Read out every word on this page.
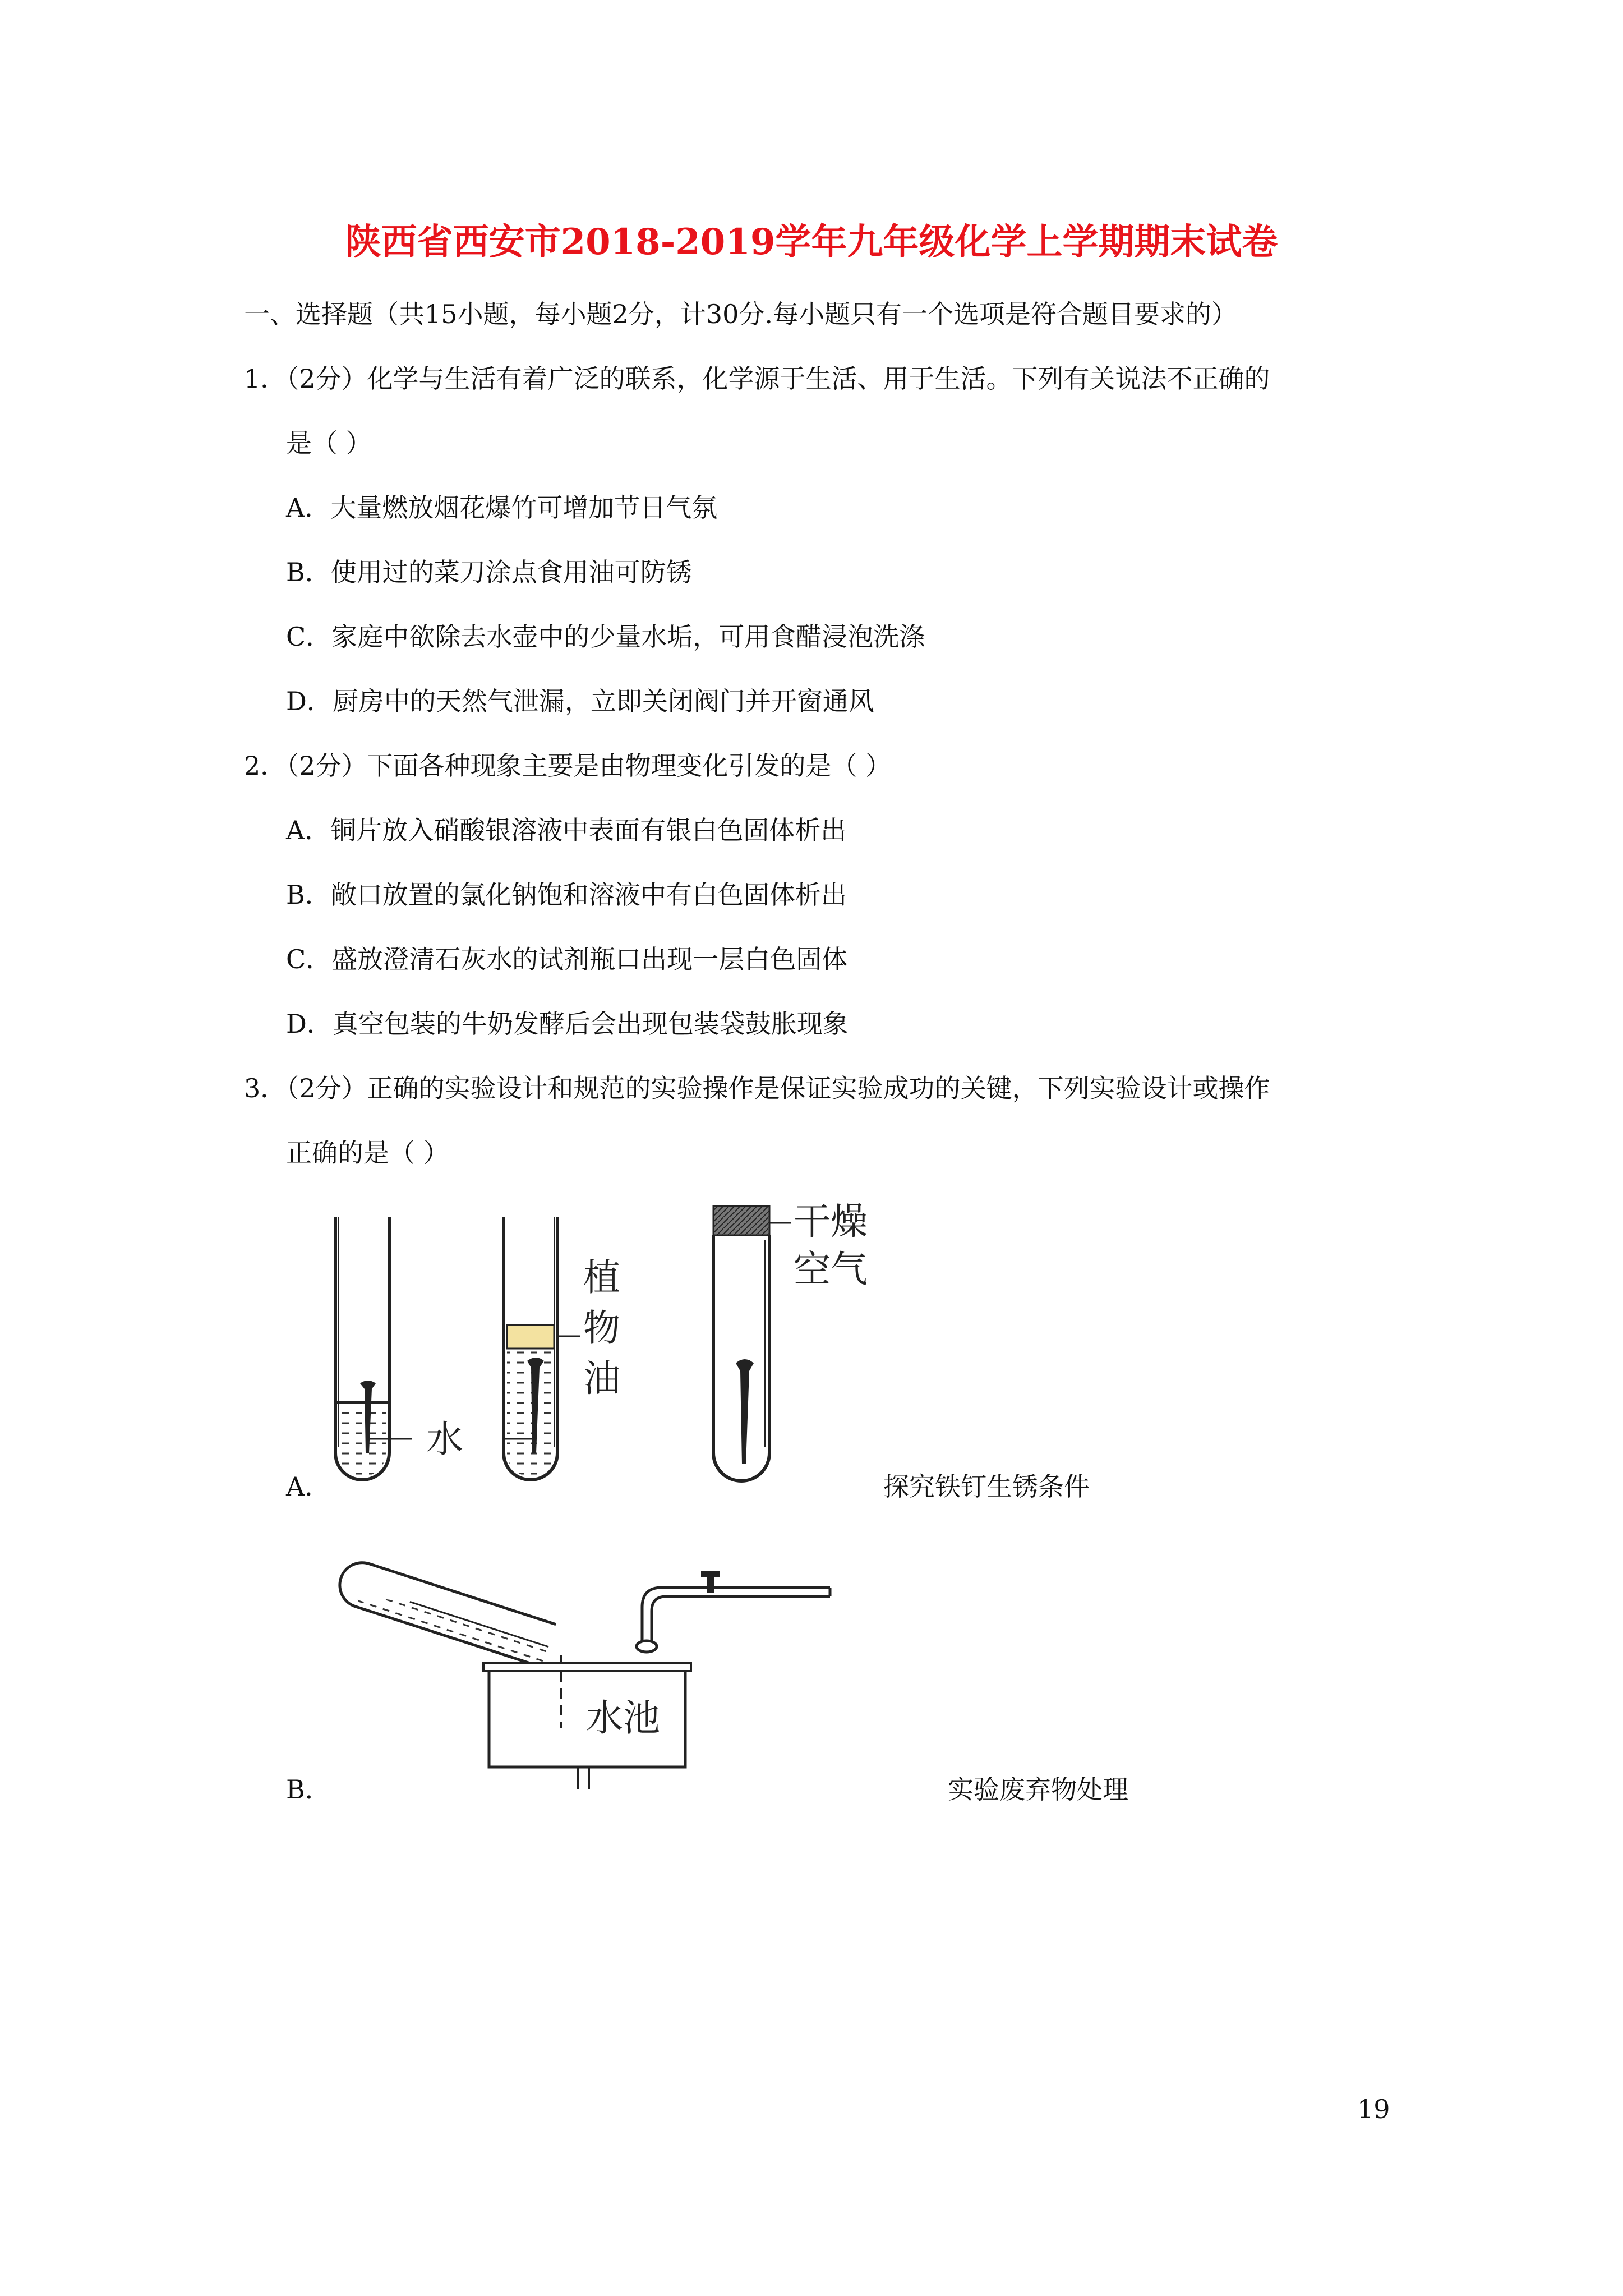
陕西省西安市2018-2019学年九年级化学上学期期末试卷
一、选择题（共15小题，每小题2分，计30分.每小题只有一个选项是符合题目要求的）
1．（2分）化学与生活有着广泛的联系，化学源于生活、用于生活。下列有关说法不正确的
是（ ）
A．大量燃放烟花爆竹可增加节日气氛
B．使用过的菜刀涂点食用油可防锈
C．家庭中欲除去水壶中的少量水垢，可用食醋浸泡洗涤
D．厨房中的天然气泄漏，立即关闭阀门并开窗通风
2．（2分）下面各种现象主要是由物理变化引发的是（ ）
A．铜片放入硝酸银溶液中表面有银白色固体析出
B．敞口放置的氯化钠饱和溶液中有白色固体析出
C．盛放澄清石灰水的试剂瓶口出现一层白色固体
D．真空包装的牛奶发酵后会出现包装袋鼓胀现象
3．（2分）正确的实验设计和规范的实验操作是保证实验成功的关键，下列实验设计或操作
正确的是（ ）
水
植
物
油
干燥
空气
A．	探究铁钉生锈条件
水池
B．	实验废弃物处理
19
